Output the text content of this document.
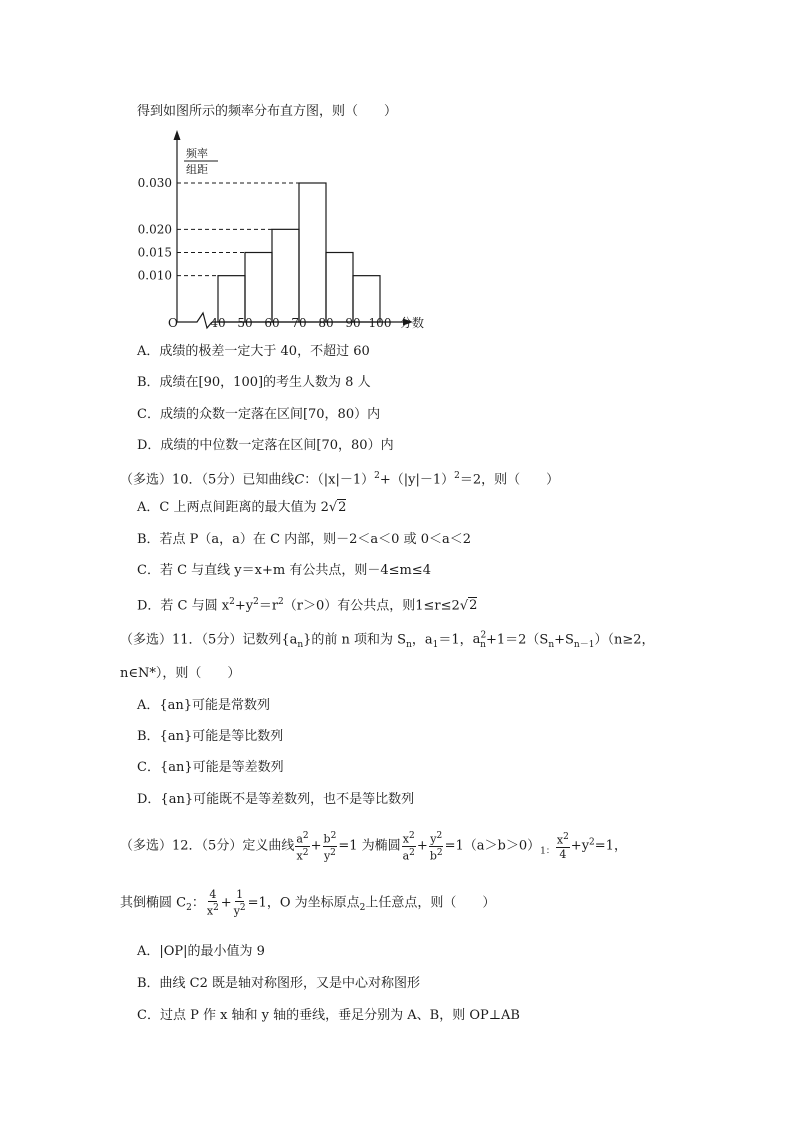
得到如图所示的频率分布直方图，则（　　）
0.030
0.020
0.015
0.010
40 50 60 70 80 90 100
频率
组距
O	分数
A．成绩的极差一定大于 40，不超过 60
B．成绩在[90，100]的考生人数为 8 人
C．成绩的众数一定落在区间[70，80）内
D．成绩的中位数一定落在区间[70，80）内
（多选）10．（5分）已知曲线C：$(|x|-1)^2+(|y|-1)^2=2$，则（　　）
A．C 上两点间距离的最大值为 2√2
B．若点 P（a，a）在 C 内部，则－2＜a＜0 或 0＜a＜2
C．若 C 与直线 y＝x+m 有公共点，则－4≤m≤4
D．若 C 与圆 $x^2+y^2=r^2(r>0)$有公共点，则1≤r≤2√2
（多选）11．（5分）记数列$\{a_n\}$的前 n 项和为 $S_n$，$a_1=1$，$a^2_n+1=2(S_n+S_{n-1})(n\ge 2$，
n∈N*），则（　　）
A．{an}可能是常数列
B．{an}可能是等比数列
C．{an}可能是等差数列
D．{an}可能既不是等差数列，也不是等比数列
（多选）12．（5分）定义曲线 $\frac{a^2}{x^2} + \frac{b^2}{y^2} =1$ 为椭圆 $\frac{x^2}{a^2} + \frac{y^2}{b^2} =1(a>b>0)_{1:} \frac{x^2}{4} +y^2=1$，
其倒椭圆 $C_2$： $\frac{4}{x^2} + \frac{1}{y^2} =1$，O 为坐标原点$_2$上任意点，则（　　）
A．|OP|的最小值为 9
B．曲线 C2 既是轴对称图形，又是中心对称图形
C．过点 P 作 x 轴和 y 轴的垂线，垂足分别为 A、B，则 OP⊥AB
